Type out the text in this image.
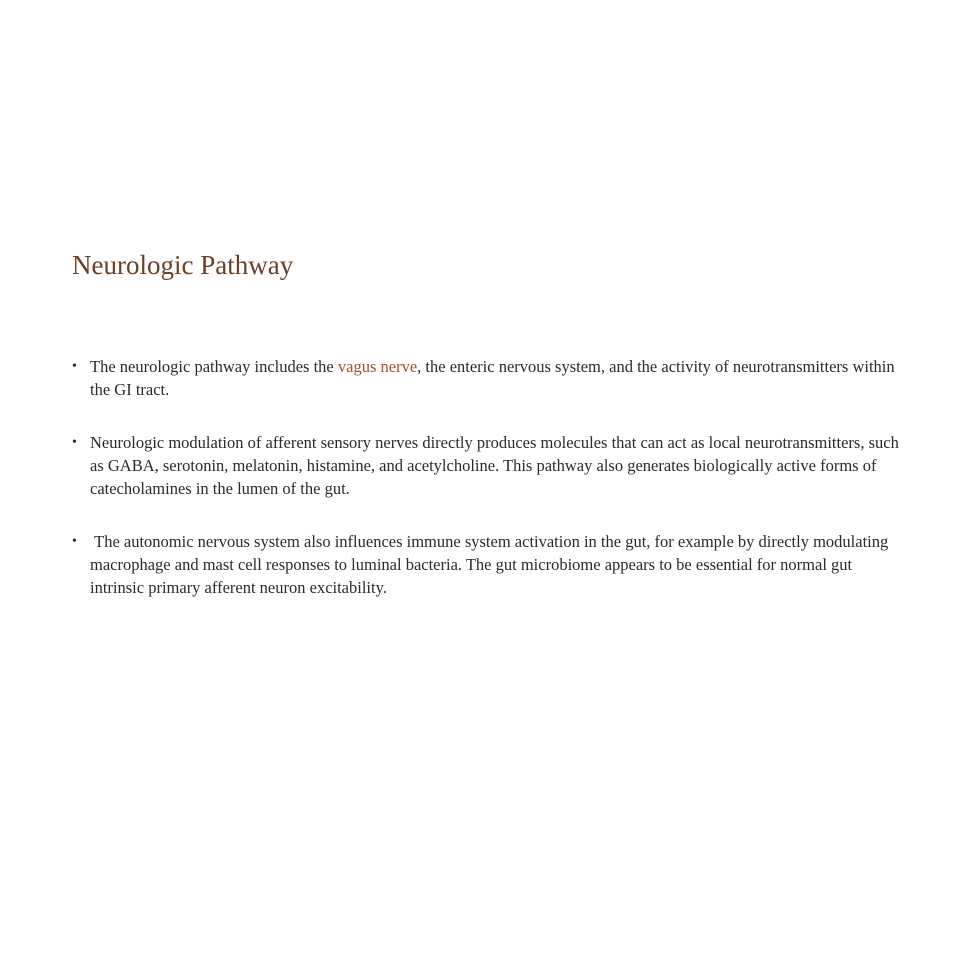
Neurologic Pathway
• The neurologic pathway includes the vagus nerve, the enteric nervous system, and the activity of neurotransmitters within the GI tract.
• Neurologic modulation of afferent sensory nerves directly produces molecules that can act as local neurotransmitters, such as GABA, serotonin, melatonin, histamine, and acetylcholine. This pathway also generates biologically active forms of catecholamines in the lumen of the gut.
• The autonomic nervous system also influences immune system activation in the gut, for example by directly modulating macrophage and mast cell responses to luminal bacteria. The gut microbiome appears to be essential for normal gut intrinsic primary afferent neuron excitability.
